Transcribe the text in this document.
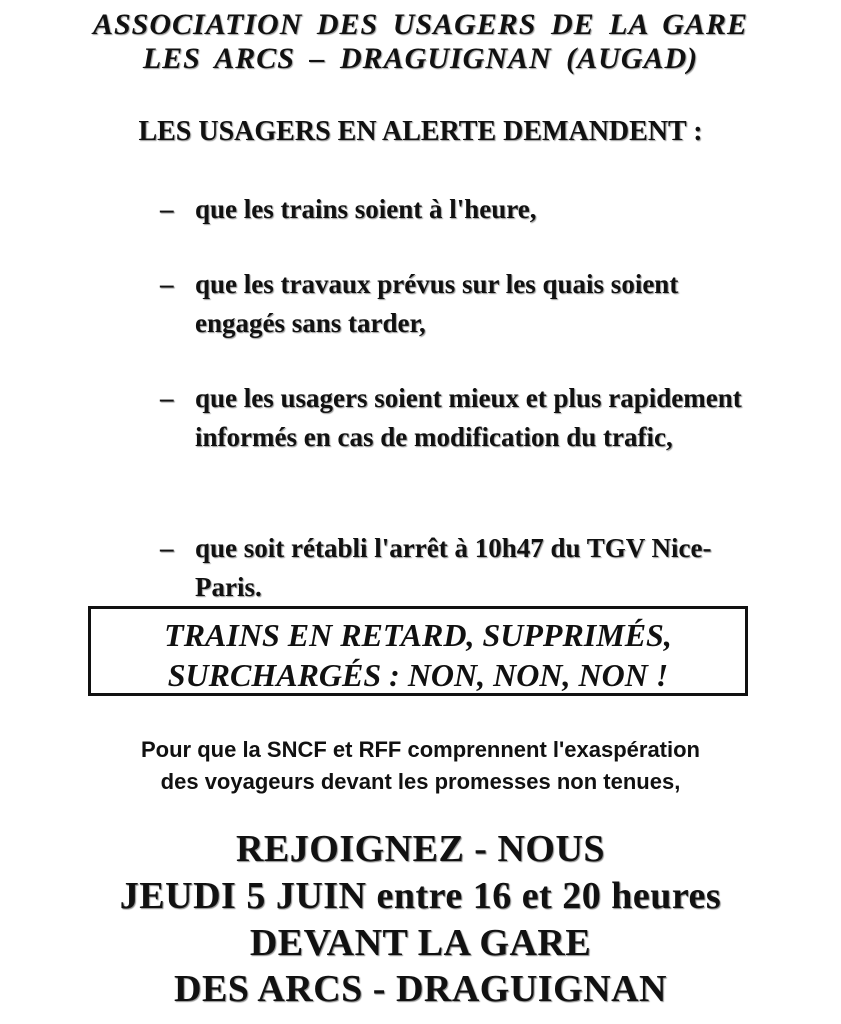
ASSOCIATION DES USAGERS DE LA GARE
LES ARCS – DRAGUIGNAN (AUGAD)
LES USAGERS EN ALERTE DEMANDENT :
– que les trains soient à l'heure,
– que les travaux prévus sur les quais soient engagés sans tarder,
– que les usagers soient mieux et plus rapidement informés en cas de modification du trafic,
– que soit rétabli l'arrêt à 10h47 du TGV Nice-Paris.
TRAINS EN RETARD, SUPPRIMÉS,
SURCHARGÉS : NON, NON, NON !
Pour que la SNCF et RFF comprennent l'exaspération
des voyageurs devant les promesses non tenues,
REJOIGNEZ - NOUS
JEUDI 5 JUIN entre 16 et 20 heures
DEVANT LA GARE
DES ARCS - DRAGUIGNAN
